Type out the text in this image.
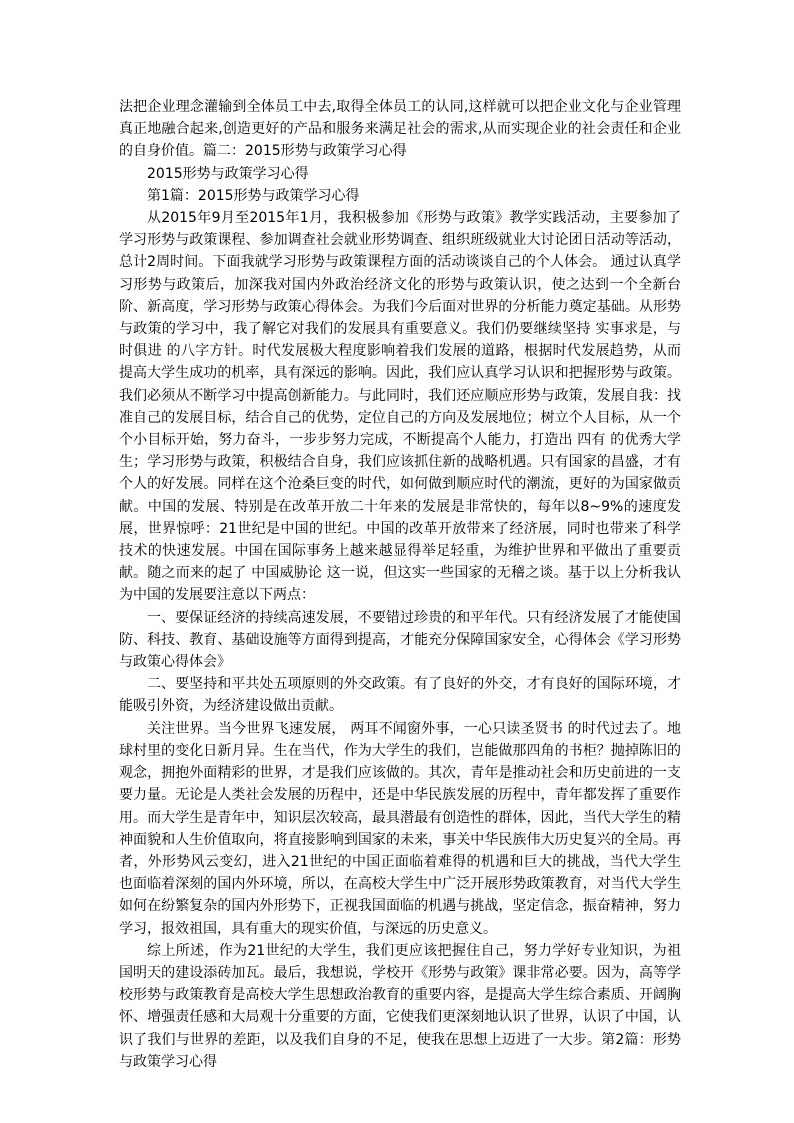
法把企业理念灌输到全体员工中去,取得全体员工的认同,这样就可以把企业文化与企业管理真正地融合起来,创造更好的产品和服务来满足社会的需求,从而实现企业的社会责任和企业的自身价值。篇二：2015形势与政策学习心得

2015形势与政策学习心得

第1篇：2015形势与政策学习心得

从2015年9月至2015年1月，我积极参加《形势与政策》教学实践活动，主要参加了学习形势与政策课程、参加调查社会就业形势调查、组织班级就业大讨论团日活动等活动，总计2周时间。下面我就学习形势与政策课程方面的活动谈谈自己的个人体会。 通过认真学习形势与政策后，加深我对国内外政治经济文化的形势与政策认识，使之达到一个全新台阶、新高度，学习形势与政策心得体会。为我们今后面对世界的分析能力奠定基础。从形势与政策的学习中，我了解它对我们的发展具有重要意义。我们仍要继续坚持 实事求是，与时俱进 的八字方针。时代发展极大程度影响着我们发展的道路，根据时代发展趋势，从而提高大学生成功的机率，具有深远的影响。因此，我们应认真学习认识和把握形势与政策。我们必须从不断学习中提高创新能力。与此同时，我们还应顺应形势与政策，发展自我：找准自己的发展目标，结合自己的优势，定位自己的方向及发展地位；树立个人目标，从一个个小目标开始，努力奋斗，一步步努力完成，不断提高个人能力，打造出 四有 的优秀大学生；学习形势与政策，积极结合自身，我们应该抓住新的战略机遇。只有国家的昌盛，才有个人的好发展。同样在这个沧桑巨变的时代，如何做到顺应时代的潮流，更好的为国家做贡献。中国的发展、特别是在改革开放二十年来的发展是非常快的，每年以8~9%的速度发展，世界惊呼：21世纪是中国的世纪。中国的改革开放带来了经济展，同时也带来了科学技术的快速发展。中国在国际事务上越来越显得举足轻重，为维护世界和平做出了重要贡献。随之而来的起了 中国威胁论 这一说，但这实一些国家的无稽之谈。基于以上分析我认为中国的发展要注意以下两点：

一、要保证经济的持续高速发展，不要错过珍贵的和平年代。只有经济发展了才能使国防、科技、教育、基础设施等方面得到提高，才能充分保障国家安全，心得体会《学习形势与政策心得体会》

二、要坚持和平共处五项原则的外交政策。有了良好的外交，才有良好的国际环境，才能吸引外资，为经济建设做出贡献。

关注世界。当今世界飞速发展， 两耳不闻窗外事，一心只读圣贤书 的时代过去了。地球村里的变化日新月异。生在当代，作为大学生的我们，岂能做那四角的书柜？抛掉陈旧的观念，拥抱外面精彩的世界，才是我们应该做的。其次，青年是推动社会和历史前进的一支要力量。无论是人类社会发展的历程中，还是中华民族发展的历程中，青年都发挥了重要作用。而大学生是青年中，知识层次较高，最具潜最有创造性的群体，因此，当代大学生的精神面貌和人生价值取向，将直接影响到国家的未来，事关中华民族伟大历史复兴的全局。再者，外形势风云变幻，进入21世纪的中国正面临着难得的机遇和巨大的挑战，当代大学生也面临着深刻的国内外环境，所以，在高校大学生中广泛开展形势政策教育，对当代大学生如何在纷繁复杂的国内外形势下，正视我国面临的机遇与挑战，坚定信念，振奋精神，努力学习，报效祖国，具有重大的现实价值，与深远的历史意义。

综上所述，作为21世纪的大学生，我们更应该把握住自己，努力学好专业知识，为祖国明天的建设添砖加瓦。最后，我想说，学校开《形势与政策》课非常必要。因为，高等学校形势与政策教育是高校大学生思想政治教育的重要内容，是提高大学生综合素质、开阔胸怀、增强责任感和大局观十分重要的方面，它使我们更深刻地认识了世界，认识了中国，认识了我们与世界的差距，以及我们自身的不足，使我在思想上迈进了一大步。第2篇：形势与政策学习心得
